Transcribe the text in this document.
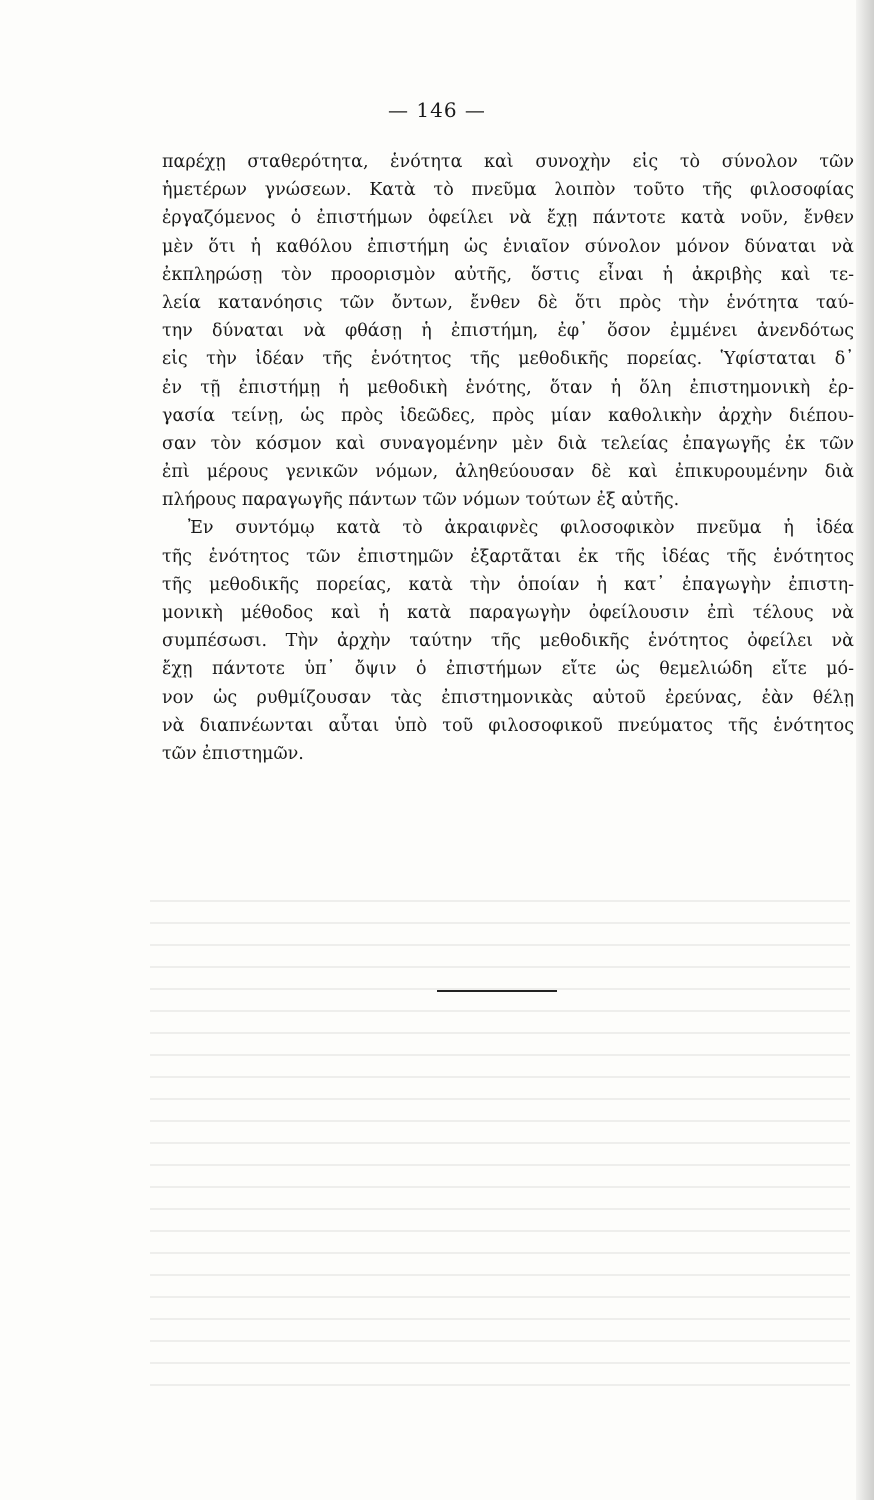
— 146 —
παρέχῃ σταθερότητα, ἑνότητα καὶ συνοχὴν εἰς τὸ σύνολον τῶν
ἡμετέρων γνώσεων. Κατὰ τὸ πνεῦμα λοιπὸν τοῦτο τῆς φιλοσοφίας
ἐργαζόμενος ὁ ἐπιστήμων ὀφείλει νὰ ἔχῃ πάντοτε κατὰ νοῦν, ἔνθεν
μὲν ὅτι ἡ καθόλου ἐπιστήμη ὡς ἑνιαῖον σύνολον μόνον δύναται νὰ
ἐκπληρώσῃ τὸν προορισμὸν αὐτῆς, ὅστις εἶναι ἡ ἀκριβὴς καὶ τε-
λεία κατανόησις τῶν ὄντων, ἔνθεν δὲ ὅτι πρὸς τὴν ἑνότητα ταύ-
την δύναται νὰ φθάσῃ ἡ ἐπιστήμη, ἐφ᾽ ὅσον ἐμμένει ἀνενδότως
εἰς τὴν ἰδέαν τῆς ἑνότητος τῆς μεθοδικῆς πορείας. Ὑφίσταται δ᾽
ἐν τῇ ἐπιστήμῃ ἡ μεθοδικὴ ἑνότης, ὅταν ἡ ὅλη ἐπιστημονικὴ ἐρ-
γασία τείνῃ, ὡς πρὸς ἰδεῶδες, πρὸς μίαν καθολικὴν ἀρχὴν διέπου-
σαν τὸν κόσμον καὶ συναγομένην μὲν διὰ τελείας ἐπαγωγῆς ἐκ τῶν
ἐπὶ μέρους γενικῶν νόμων, ἀληθεύουσαν δὲ καὶ ἐπικυρουμένην διὰ
πλήρους παραγωγῆς πάντων τῶν νόμων τούτων ἐξ αὐτῆς.
Ἐν συντόμῳ κατὰ τὸ ἀκραιφνὲς φιλοσοφικὸν πνεῦμα ἡ ἰδέα
τῆς ἑνότητος τῶν ἐπιστημῶν ἐξαρτᾶται ἐκ τῆς ἰδέας τῆς ἑνότητος
τῆς μεθοδικῆς πορείας, κατὰ τὴν ὁποίαν ἡ κατ᾽ ἐπαγωγὴν ἐπιστη-
μονικὴ μέθοδος καὶ ἡ κατὰ παραγωγὴν ὀφείλουσιν ἐπὶ τέλους νὰ
συμπέσωσι. Τὴν ἀρχὴν ταύτην τῆς μεθοδικῆς ἑνότητος ὀφείλει νὰ
ἔχῃ πάντοτε ὑπ᾽ ὄψιν ὁ ἐπιστήμων εἴτε ὡς θεμελιώδη εἴτε μό-
νον ὡς ρυθμίζουσαν τὰς ἐπιστημονικὰς αὐτοῦ ἐρεύνας, ἐὰν θέλῃ
νὰ διαπνέωνται αὗται ὑπὸ τοῦ φιλοσοφικοῦ πνεύματος τῆς ἑνότητος
τῶν ἐπιστημῶν.
